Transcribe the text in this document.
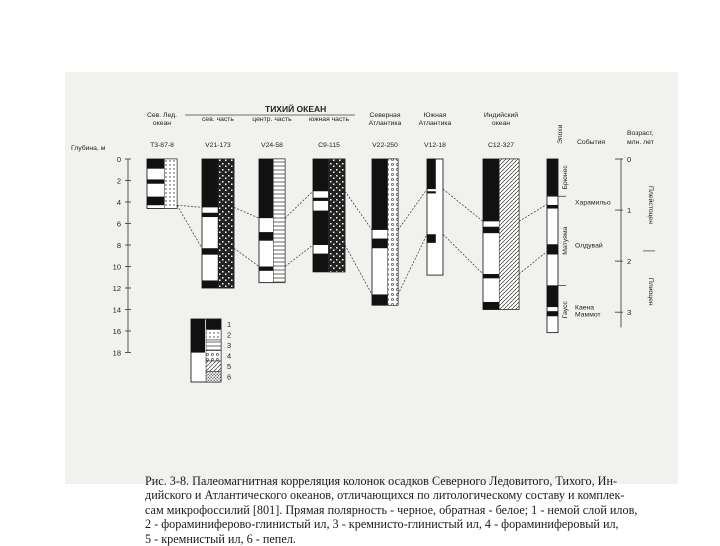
ТИХИЙ ОКЕАН
Глубина, м
Эпохи События
Возраст,
млн. лет
Сев. Лед.
океан
Т3-87-8
сев. часть
V21-173
центр. часть
V24-58
южная часть
C9-115
Северная
Атлантика
V22-250
Южная
Атлантика
V12-18
Индийский
океан
C12-327
0
2
4
6
8
10
12
14
16
18
Брюнес
Матуяма
Гаусс
Харамильо
Олдувай
Каена
Маммот
0
1
2
3
Плейстоцен
Плиоцен
1
2
3
4
5
6
Рис. 3-8. Палеомагнитная корреляция колонок осадков Северного Ледовитого, Тихого, Ин-
дийского и Атлантического океанов, отличающихся по литологическому составу и комплек-
сам микрофоссилий [801]. Прямая полярность - черное, обратная - белое; 1 - немой слой илов,
2 - фораминиферово-глинистый ил, 3 - кремнисто-глинистый ил, 4 - фораминиферовый ил,
5 - кремнистый ил, 6 - пепел.
